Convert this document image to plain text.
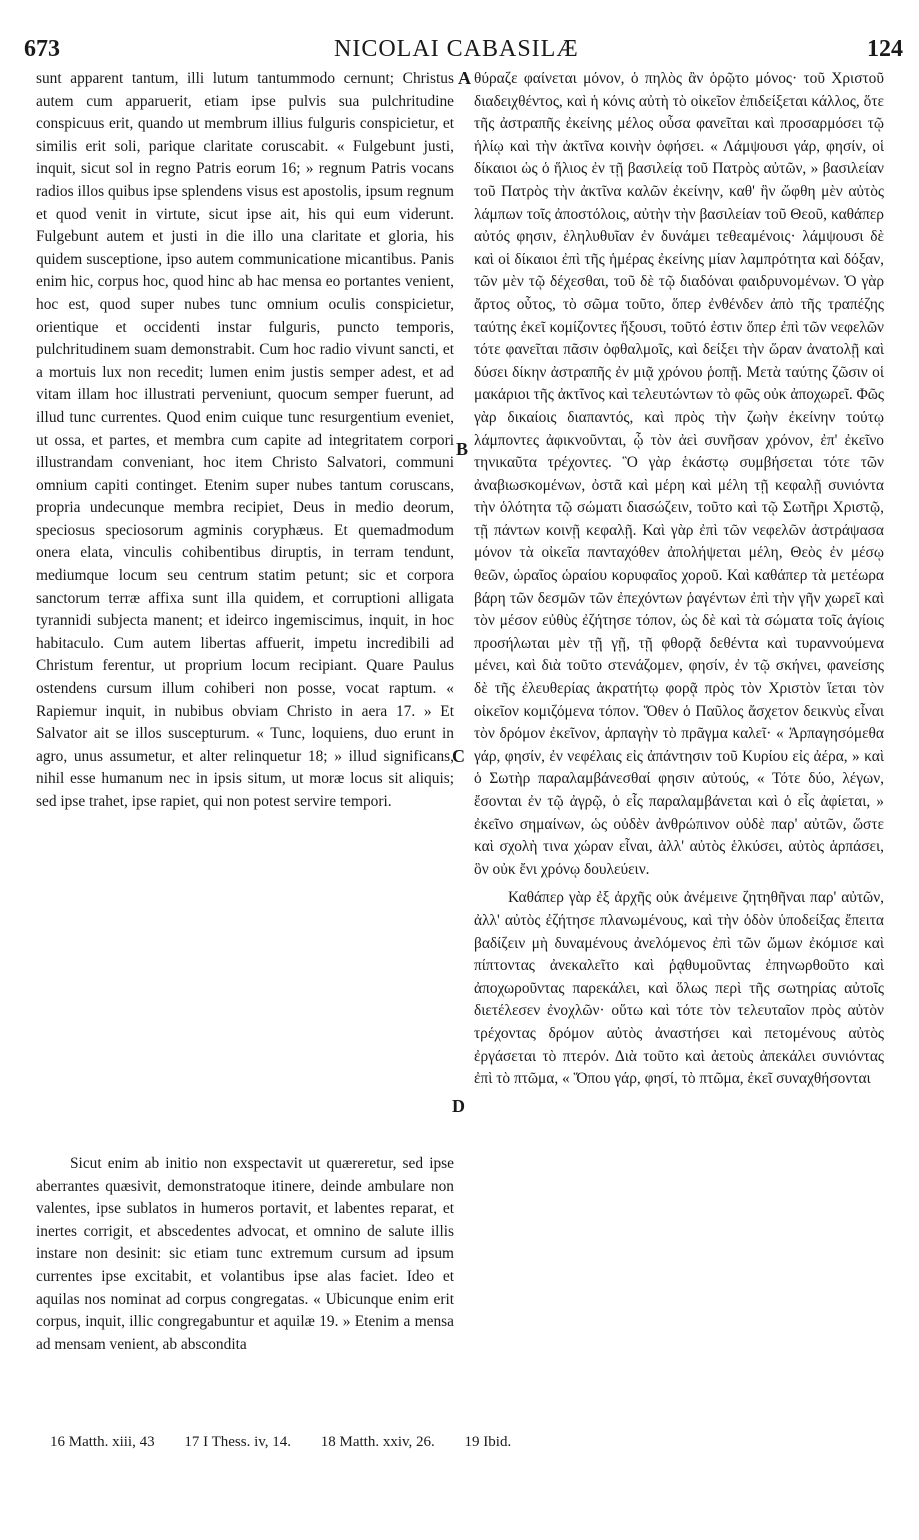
673	NICOLAI CABASILÆ	124
A
B
C
D

sunt apparent tantum, illi lutum tantummodo cernunt; Christus autem cum apparuerit, etiam ipse pulvis sua pulchritudine conspicuus erit, quando ut membrum illius fulguris conspicietur, et similis erit soli, parique claritate coruscabit. « Fulgebunt justi, inquit, sicut sol in regno Patris eorum 16; » regnum Patris vocans radios illos quibus ipse splendens visus est apostolis, ipsum regnum et quod venit in virtute, sicut ipse ait, his qui eum viderunt. Fulgebunt autem et justi in die illo una claritate et gloria, his quidem susceptione, ipso autem communicatione micantibus. Panis enim hic, corpus hoc, quod hinc ab hac mensa eo portantes venient, hoc est, quod super nubes tunc omnium oculis conspicietur, orientique et occidenti instar fulguris, puncto temporis, pulchritudinem suam demonstrabit. Cum hoc radio vivunt sancti, et a mortuis lux non recedit; lumen enim justis semper adest, et ad vitam illam hoc illustrati perveniunt, quocum semper fuerunt, ad illud tunc currentes. Quod enim cuique tunc resurgentium eveniet, ut ossa, et partes, et membra cum capite ad integritatem corpori illustrandam conveniant, hoc item Christo Salvatori, communi omnium capiti continget. Etenim super nubes tantum coruscans, propria undecunque membra recipiet, Deus in medio deorum, speciosus speciosorum agminis coryphæus. Et quemadmodum onera elata, vinculis cohibentibus diruptis, in terram tendunt, mediumque locum seu centrum statim petunt; sic et corpora sanctorum terræ affixa sunt illa quidem, et corruptioni alligata tyrannidi subjecta manent; et ideirco ingemiscimus, inquit, in hoc habitaculo. Cum autem libertas affuerit, impetu incredibili ad Christum ferentur, ut proprium locum recipiant. Quare Paulus ostendens cursum illum cohiberi non posse, vocat raptum. « Rapiemur inquit, in nubibus obviam Christo in aera 17. » Et Salvator ait se illos suscepturum. « Tunc, loquiens, duo erunt in agro, unus assumetur, et alter relinquetur 18; » illud significans, nihil esse humanum nec in ipsis situm, ut moræ locus sit aliquis; sed ipse trahet, ipse rapiet, qui non potest servire tempori.

Sicut enim ab initio non exspectavit ut quæreretur, sed ipse aberrantes quæsivit, demonstratoque itinere, deinde ambulare non valentes, ipse sublatos in humeros portavit, et labentes reparat, et inertes corrigit, et abscedentes advocat, et omnino de salute illis instare non desinit: sic etiam tunc extremum cursum ad ipsum currentes ipse excitabit, et volantibus ipse alas faciet. Ideo et aquilas nos nominat ad corpus congregatas. « Ubicunque enim erit corpus, inquit, illic congregabuntur et aquilæ 19. » Etenim a mensa ad mensam venient, ab abscondita

θύραζε φαίνεται μόνον, ὁ πηλὸς ἂν ὁρῷτο μόνος· τοῦ Χριστοῦ διαδειχθέντος, καὶ ἡ κόνις αὐτὴ τὸ οἰκεῖον ἐπιδείξεται κάλλος, ὅτε τῆς ἀστραπῆς ἐκείνης μέλος οὖσα φανεῖται καὶ προσαρμόσει τῷ ἡλίῳ καὶ τὴν ἀκτῖνα κοινὴν ὀφήσει. « Λάμψουσι γάρ, φησίν, οἱ δίκαιοι ὡς ὁ ἥλιος ἐν τῇ βασιλείᾳ τοῦ Πατρὸς αὐτῶν, » βασιλείαν τοῦ Πατρὸς τὴν ἀκτῖνα καλῶν ἐκείνην, καθ' ἣν ὤφθη μὲν αὐτὸς λάμπων τοῖς ἀποστόλοις, αὐτὴν τὴν βασιλείαν τοῦ Θεοῦ, καθάπερ αὐτός φησιν, ἐληλυθυῖαν ἐν δυνάμει τεθεαμένοις· λάμψουσι δὲ καὶ οἱ δίκαιοι ἐπὶ τῆς ἡμέρας ἐκείνης μίαν λαμπρότητα καὶ δόξαν, τῶν μὲν τῷ δέχεσθαι, τοῦ δὲ τῷ διαδόναι φαιδρυνομένων. Ὁ γὰρ ἄρτος οὗτος, τὸ σῶμα τοῦτο, ὅπερ ἐνθένδεν ἀπὸ τῆς τραπέζης ταύτης ἐκεῖ κομίζοντες ἥξουσι, τοῦτό ἐστιν ὅπερ ἐπὶ τῶν νεφελῶν τότε φανεῖται πᾶσιν ὀφθαλμοῖς, καὶ δείξει τὴν ὥραν ἀνατολῇ καὶ δύσει δίκην ἀστραπῆς ἐν μιᾷ χρόνου ῥοπῇ. Μετὰ ταύτης ζῶσιν οἱ μακάριοι τῆς ἀκτῖνος καὶ τελευτώντων τὸ φῶς οὐκ ἀποχωρεῖ. Φῶς γὰρ δικαίοις διαπαντός, καὶ πρὸς τὴν ζωὴν ἐκείνην τούτῳ λάμποντες ἀφικνοῦνται, ᾧ τὸν ἀεὶ συνῆσαν χρόνον, ἐπ' ἐκεῖνο τηνικαῦτα τρέχοντες. Ὃ γὰρ ἑκάστῳ συμβήσεται τότε τῶν ἀναβιωσκομένων, ὀστᾶ καὶ μέρη καὶ μέλη τῇ κεφαλῇ συνιόντα τὴν ὁλότητα τῷ σώματι διασώζειν, τοῦτο καὶ τῷ Σωτῆρι Χριστῷ, τῇ πάντων κοινῇ κεφαλῇ. Καὶ γὰρ ἐπὶ τῶν νεφελῶν ἀστράψασα μόνον τὰ οἰκεῖα πανταχόθεν ἀπολήψεται μέλη, Θεὸς ἐν μέσῳ θεῶν, ὡραῖος ὡραίου κορυφαῖος χοροῦ. Καὶ καθάπερ τὰ μετέωρα βάρη τῶν δεσμῶν τῶν ἐπεχόντων ῥαγέντων ἐπὶ τὴν γῆν χωρεῖ καὶ τὸν μέσον εὐθὺς ἐζήτησε τόπον, ὡς δὲ καὶ τὰ σώματα τοῖς ἁγίοις προσήλωται μὲν τῇ γῇ, τῇ φθορᾷ δεθέντα καὶ τυραννούμενα μένει, καὶ διὰ τοῦτο στενάζομεν, φησίν, ἐν τῷ σκήνει, φανείσης δὲ τῆς ἐλευθερίας ἀκρατήτῳ φορᾷ πρὸς τὸν Χριστὸν ἵεται τὸν οἰκεῖον κομιζόμενα τόπον. Ὅθεν ὁ Παῦλος ἄσχετον δεικνὺς εἶναι τὸν δρόμον ἐκεῖνον, ἁρπαγὴν τὸ πρᾶγμα καλεῖ· « Ἁρπαγησόμεθα γάρ, φησίν, ἐν νεφέλαις εἰς ἀπάντησιν τοῦ Κυρίου εἰς ἀέρα, » καὶ ὁ Σωτὴρ παραλαμβάνεσθαί φησιν αὐτούς, « Τότε δύο, λέγων, ἔσονται ἐν τῷ ἀγρῷ, ὁ εἷς παραλαμβάνεται καὶ ὁ εἷς ἀφίεται, » ἐκεῖνο σημαίνων, ὡς οὐδὲν ἀνθρώπινον οὐδὲ παρ' αὐτῶν, ὥστε καὶ σχολὴ τινα χώραν εἶναι, ἀλλ' αὐτὸς ἑλκύσει, αὐτὸς ἁρπάσει, ὃν οὐκ ἔνι χρόνῳ δουλεύειν.

Καθάπερ γὰρ ἐξ ἀρχῆς οὐκ ἀνέμεινε ζητηθῆναι παρ' αὐτῶν, ἀλλ' αὐτὸς ἐζήτησε πλανωμένους, καὶ τὴν ὁδὸν ὑποδείξας ἔπειτα βαδίζειν μὴ δυναμένους ἀνελόμενος ἐπὶ τῶν ὤμων ἐκόμισε καὶ πίπτοντας ἀνεκαλεῖτο καὶ ῥᾳθυμοῦντας ἐπηνωρθοῦτο καὶ ἀποχωροῦντας παρεκάλει, καὶ ὅλως περὶ τῆς σωτηρίας αὐτοῖς διετέλεσεν ἐνοχλῶν· οὕτω καὶ τότε τὸν τελευταῖον πρὸς αὐτὸν τρέχοντας δρόμον αὐτὸς ἀναστήσει καὶ πετομένους αὐτὸς ἐργάσεται τὸ πτερόν. Διὰ τοῦτο καὶ ἀετοὺς ἀπεκάλει συνιόντας ἐπὶ τὸ πτῶμα, « Ὅπου γάρ, φησί, τὸ πτῶμα, ἐκεῖ συναχθήσονται

16 Matth. xiii, 43 17 I Thess. iv, 14. 18 Matth. xxiv, 26. 19 Ibid.
